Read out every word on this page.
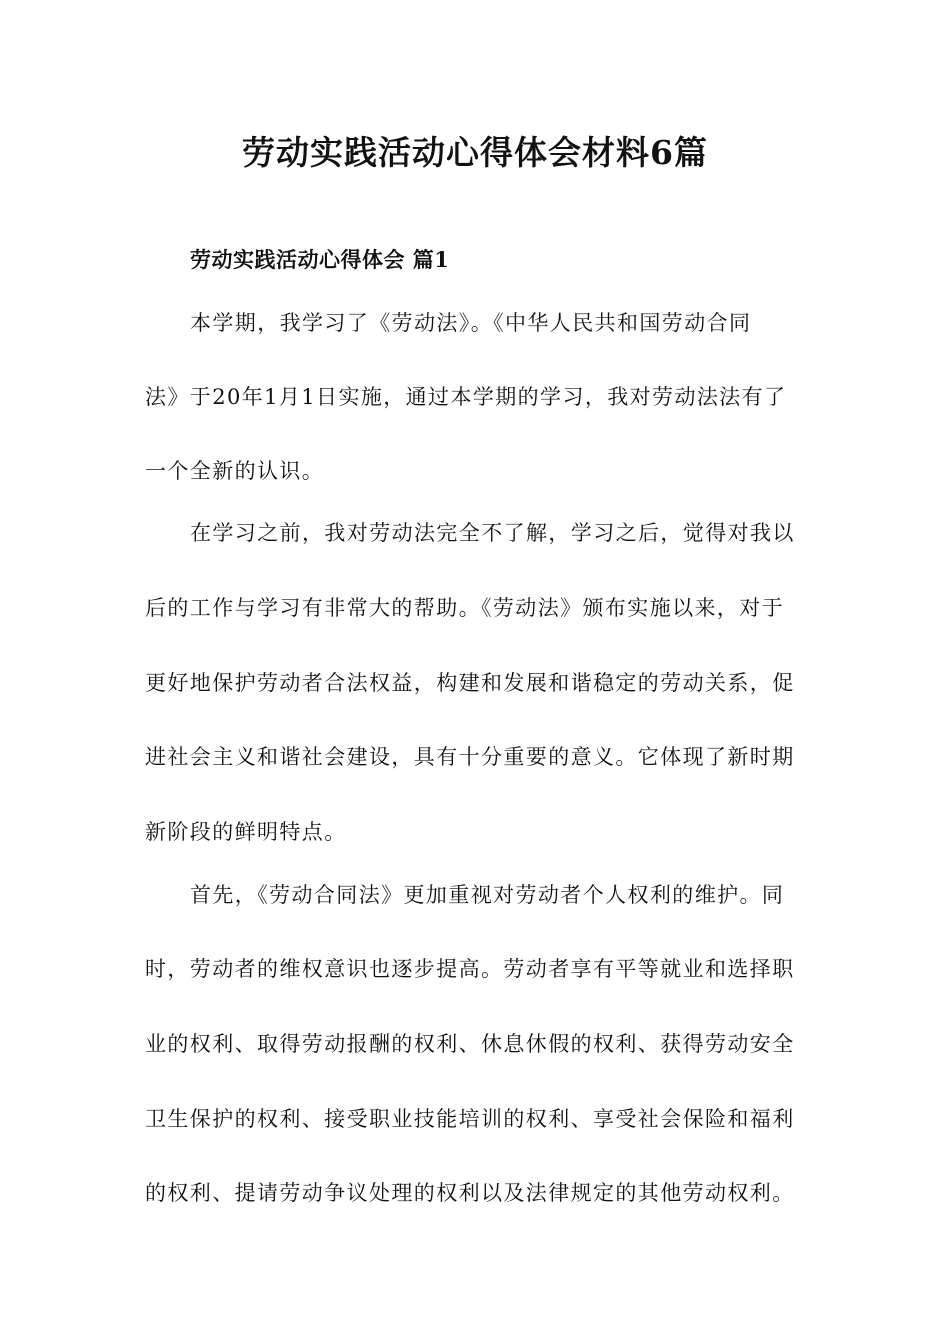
劳动实践活动心得体会材料6篇
劳动实践活动心得体会 篇1

本学期，我学习了《劳动法》。《中华人民共和国劳动合同

法》于20年1月1日实施，通过本学期的学习，我对劳动法法有了

一个全新的认识。

在学习之前，我对劳动法完全不了解，学习之后，觉得对我以

后的工作与学习有非常大的帮助。《劳动法》颁布实施以来，对于

更好地保护劳动者合法权益，构建和发展和谐稳定的劳动关系，促

进社会主义和谐社会建设，具有十分重要的意义。它体现了新时期

新阶段的鲜明特点。

首先，《劳动合同法》更加重视对劳动者个人权利的维护。同

时，劳动者的维权意识也逐步提高。劳动者享有平等就业和选择职

业的权利、取得劳动报酬的权利、休息休假的权利、获得劳动安全

卫生保护的权利、接受职业技能培训的权利、享受社会保险和福利

的权利、提请劳动争议处理的权利以及法律规定的其他劳动权利。
